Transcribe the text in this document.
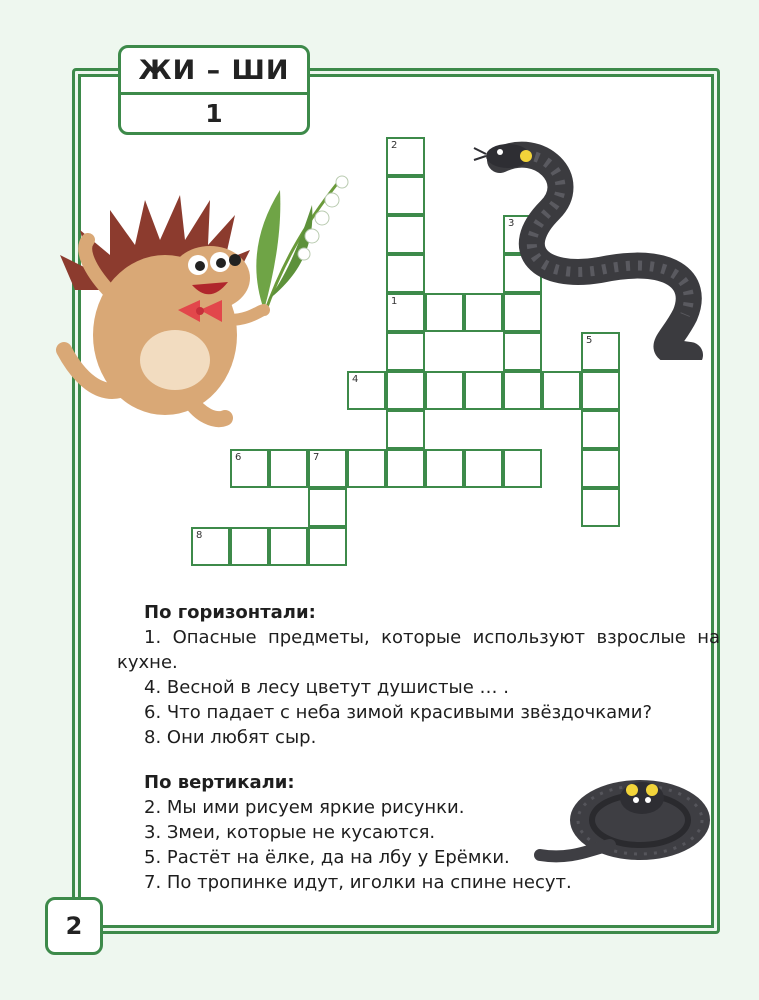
ЖИ – ШИ
1
2
1
3
4
5
6	7
8
По горизонтали:
1. Опасные предметы, которые используют взрослые на кухне.
4. Весной в лесу цветут душистые … .
6. Что падает с неба зимой красивыми звёздочками?
8. Они любят сыр.
По вертикали:
2. Мы ими рисуем яркие рисунки.
3. Змеи, которые не кусаются.
5. Растёт на ёлке, да на лбу у Ерёмки.
7. По тропинке идут, иголки на спине несут.
2
